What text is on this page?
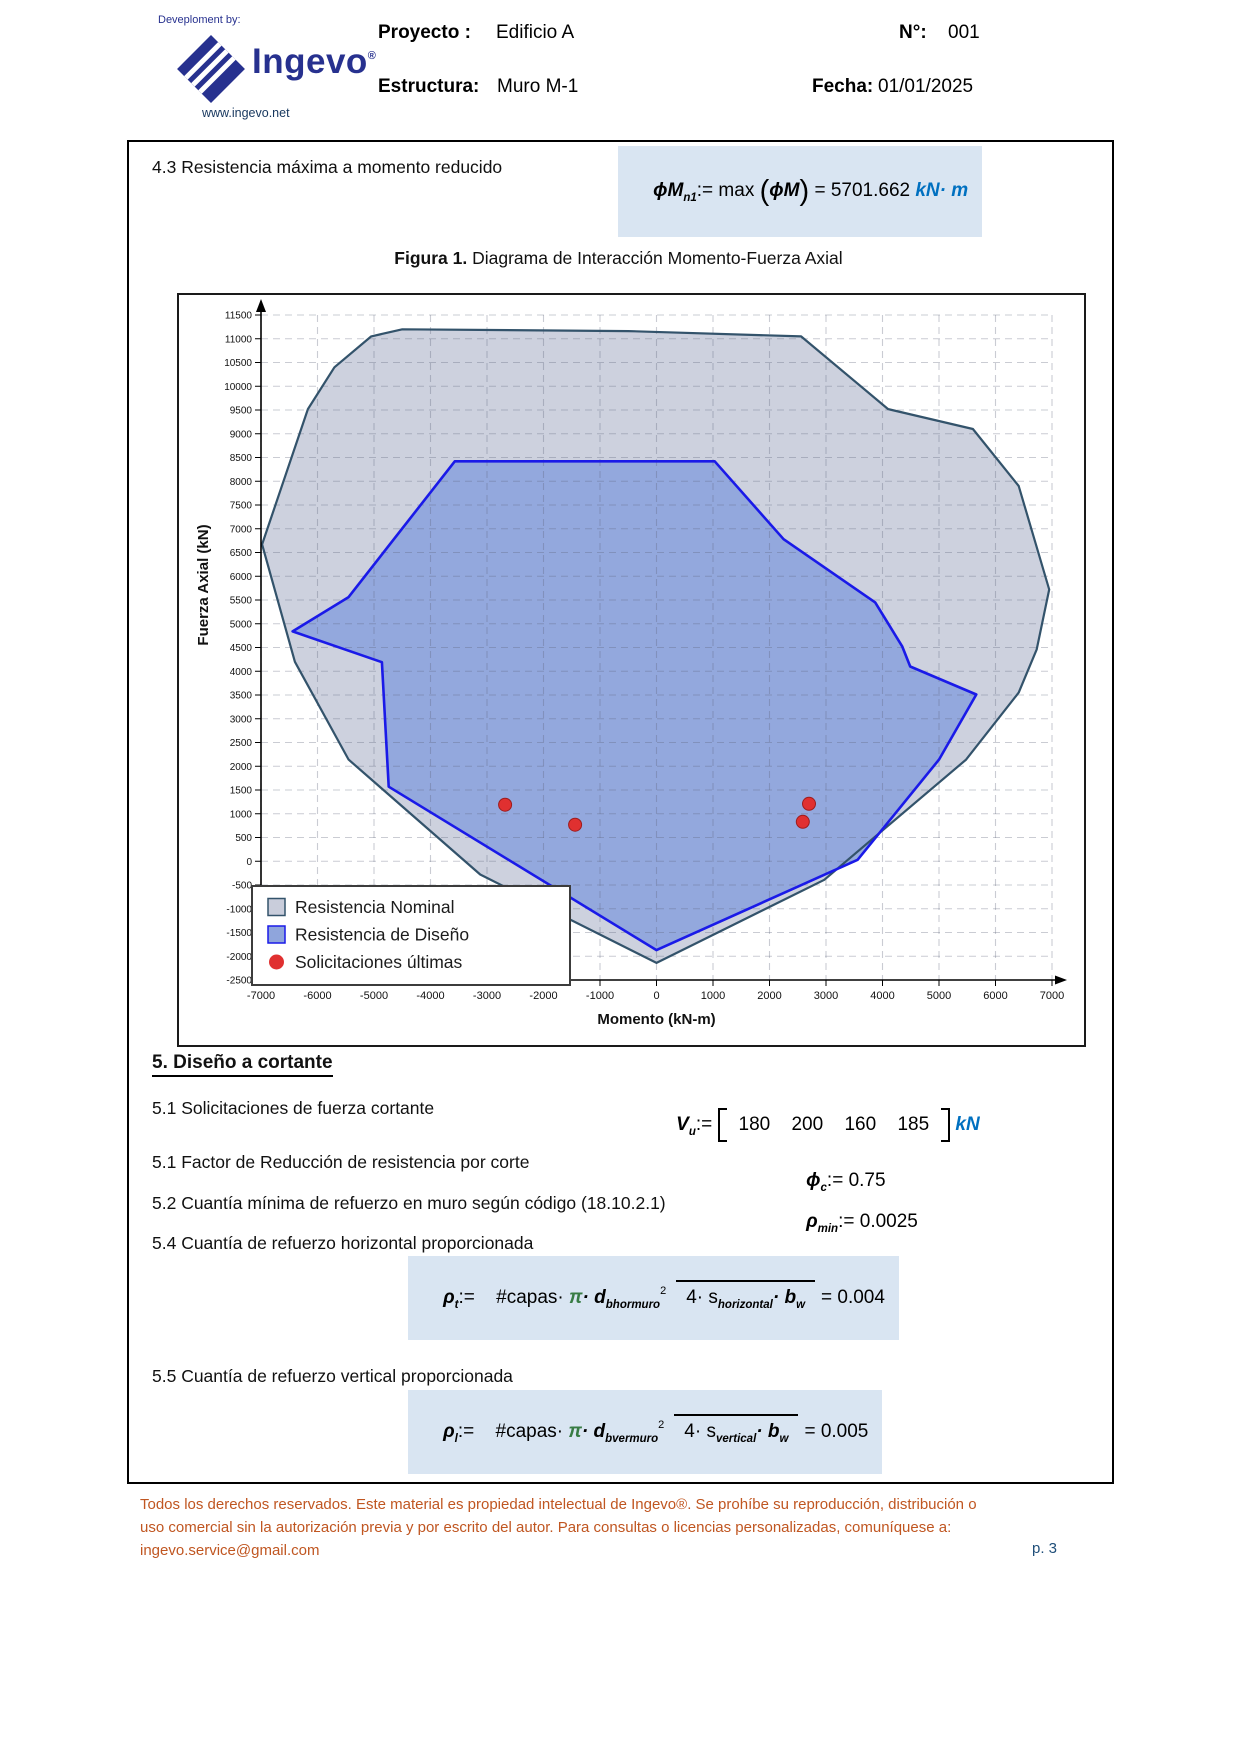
Deveploment by:
Ingevo®
www.ingevo.net
Proyecto : Edificio A	N°: 001
Estructura: Muro M-1	Fecha: 01/01/2025
4.3 Resistencia máxima a momento reducido

$\phi M_{n1}:= \max (\phi M) = 5701.662$ kN· m

Figura 1. Diagrama de Interacción Momento-Fuerza Axial
-7000	-6000	-5000	-4000	-3000	-2000	-1000	0	1000	2000	3000	4000	5000	6000	7000
-2500
-2000
-1500
-1000
-500
0
500
1000
1500
2000
2500
3000
3500
4000
4500
5000
5500
6000
6500
7000
7500
8000
8500
9000
9500
10000
10500
11000
11500
Momento (kN-m)
Fuerza Axial (kN)
Resistencia Nominal
Resistencia de Diseño
Solicitaciones últimas
5. Diseño a cortante
5.1 Solicitaciones de fuerza cortante

$V_u:= 180$ 200 160 185 kN

5.1 Factor de Reducción de resistencia por corte

$\phi_c:= 0.75$

5.2 Cuantía mínima de refuerzo en muro según código (18.10.2.1)

$\rho_{min}:= 0.0025$

5.4 Cuantía de refuerzo horizontal proporcionada

$\rho_t:=$ #capas· $\pi\cdot d_{bhormuro}^2$ $4\cdot s_{horizontal}\cdot b_w = 0.004$

5.5 Cuantía de refuerzo vertical proporcionada

$\rho_l:=$ #capas· $\pi\cdot d_{bvermuro}^2$ $4\cdot s_{vertical}\cdot b_w = 0.005$

Todos los derechos reservados. Este material es propiedad intelectual de Ingevo®. Se prohíbe su reproducción, distribución o
uso comercial sin la autorización previa y por escrito del autor. Para consultas o licencias personalizadas, comuníquese a:
ingevo.service@gmail.com	p. 3
